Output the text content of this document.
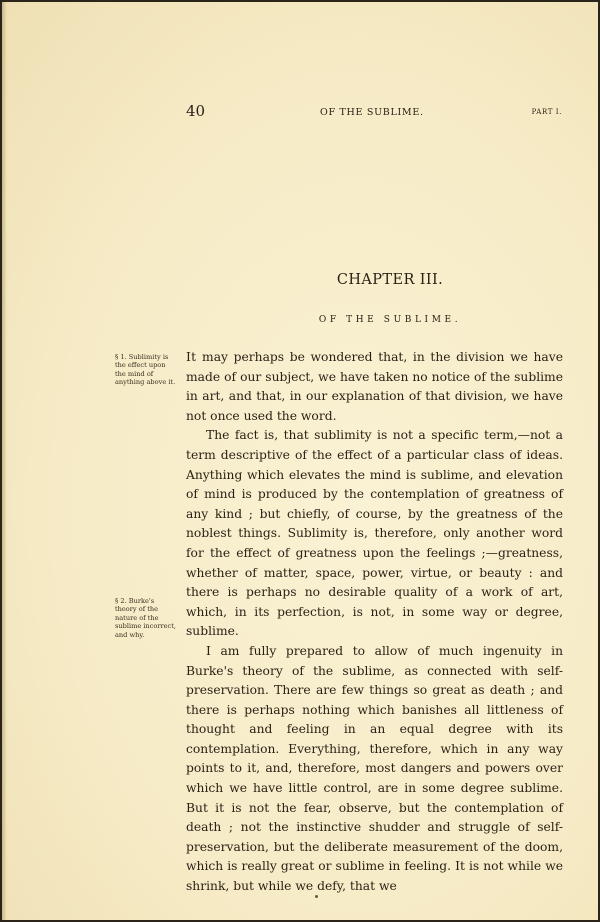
40	OF THE SUBLIME.	PART I.
CHAPTER III.
OF THE SUBLIME.
§ 1. Sublimity is the effect upon the mind of anything above it.
§ 2. Burke's theory of the nature of the sublime incorrect, and why.

It may perhaps be wondered that, in the division we have made of our subject, we have taken no notice of the sublime in art, and that, in our explanation of that division, we have not once used the word.

The fact is, that sublimity is not a specific term,—not a term descriptive of the effect of a particular class of ideas. Anything which elevates the mind is sublime, and elevation of mind is produced by the contemplation of greatness of any kind ; but chiefly, of course, by the greatness of the noblest things. Sublimity is, therefore, only another word for the effect of greatness upon the feelings ;—greatness, whether of matter, space, power, virtue, or beauty : and there is perhaps no desirable quality of a work of art, which, in its perfection, is not, in some way or degree, sublime.

I am fully prepared to allow of much ingenuity in Burke's theory of the sublime, as connected with self-preservation. There are few things so great as death ; and there is perhaps nothing which banishes all littleness of thought and feeling in an equal degree with its contemplation. Everything, therefore, which in any way points to it, and, therefore, most dangers and powers over which we have little control, are in some degree sublime. But it is not the fear, observe, but the contemplation of death ; not the instinctive shudder and struggle of self-preservation, but the deliberate measurement of the doom, which is really great or sublime in feeling. It is not while we shrink, but while we defy, that we
